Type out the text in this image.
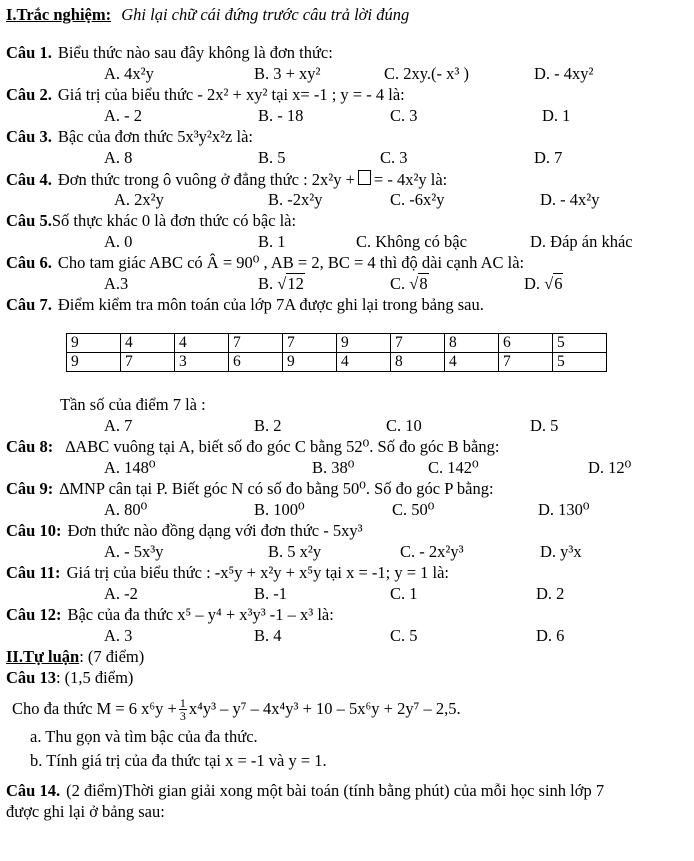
I.Trắc nghiệm: Ghi lại chữ cái đứng trước câu trả lời đúng
Câu 1. Biểu thức nào sau đây không là đơn thức:
A. 4x²y	B. 3 + xy²	C. 2xy.(- x³ )	D. - 4xy²
Câu 2. Giá trị của biểu thức - 2x² + xy² tại x= -1 ; y = - 4 là:
A. - 2	B. - 18	C. 3	D. 1
Câu 3. Bậc của đơn thức 5x³y²x²z là:
A. 8	B. 5	C. 3	D. 7
Câu 4. Đơn thức trong ô vuông ở đẳng thức : 2x²y + = - 4x²y là:
A. 2x²y	B. -2x²y	C. -6x²y	D. - 4x²y
Câu 5. Số thực khác 0 là đơn thức có bậc là:
A. 0	B. 1	C. Không có bậc	D. Đáp án khác
Câu 6. Cho tam giác ABC có Â = 90⁰ , AB = 2, BC = 4 thì độ dài cạnh AC là:
A.3	B. √12	C. √8	D. √6
Câu 7. Điểm kiểm tra môn toán của lớp 7A được ghi lại trong bảng sau.
9	4	4	7	7	9	7	8	6	5
9	7	3	6	9	4	8	4	7	5
Tần số của điểm 7 là :
A. 7	B. 2	C. 10	D. 5
Câu 8: ∆ABC vuông tại A, biết số đo góc C bằng 52⁰. Số đo góc B bằng:
A. 148⁰	B. 38⁰	C. 142⁰	D. 12⁰
Câu 9: ∆MNP cân tại P. Biết góc N có số đo bằng 50⁰. Số đo góc P bằng:
A. 80⁰	B. 100⁰	C. 50⁰	D. 130⁰
Câu 10: Đơn thức nào đồng dạng với đơn thức - 5xy³
A. - 5x³y	B. 5 x²y	C. - 2x²y³	D. y³x
Câu 11: Giá trị của biểu thức : -x⁵y + x²y + x⁵y tại x = -1; y = 1 là:
A. -2	B. -1	C. 1	D. 2
Câu 12: Bậc của đa thức x⁵ – y⁴ + x³y³ -1 – x³ là:
A. 3	B. 4	C. 5	D. 6
II.Tự luận: (7 điểm)
Câu 13: (1,5 điểm)
Cho đa thức M = 6 $x^6y + \frac{1}{3} x^4y^3 - y^7 - 4x^4y^3 + 10 - 5x^6y + 2y^7 - 2,5$.
a. Thu gọn và tìm bậc của đa thức.
b. Tính giá trị của đa thức tại x = -1 và y = 1.
Câu 14. (2 điểm)Thời gian giải xong một bài toán (tính bằng phút) của mỗi học sinh lớp 7
được ghi lại ở bảng sau:
